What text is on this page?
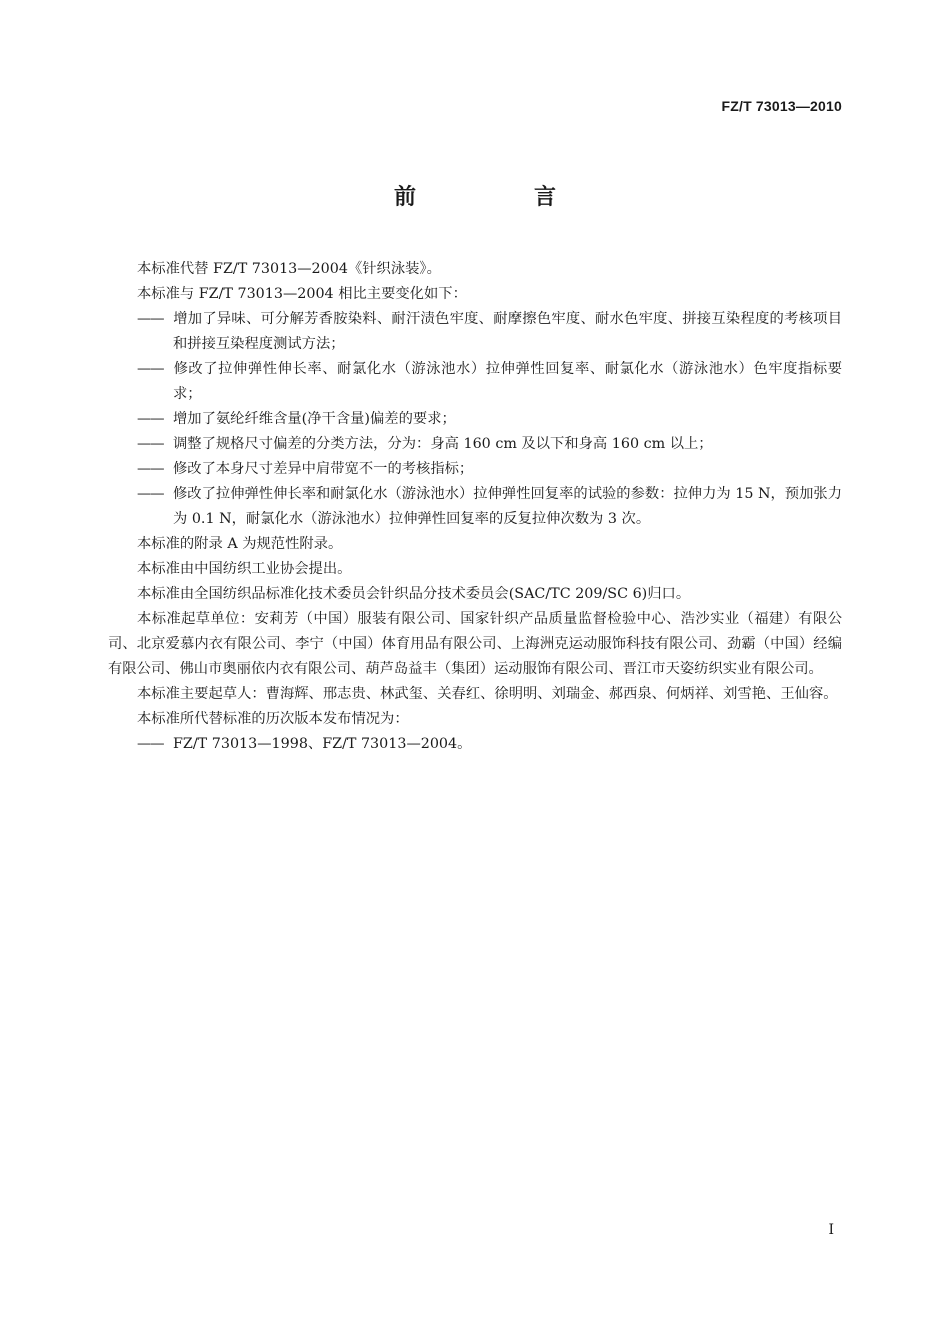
FZ/T 73013—2010
前　言
本标准代替 FZ/T 73013—2004《针织泳装》。
本标准与 FZ/T 73013—2004 相比主要变化如下：
—— 增加了异味、可分解芳香胺染料、耐汗渍色牢度、耐摩擦色牢度、耐水色牢度、拼接互染程度的考核项目和拼接互染程度测试方法；
—— 修改了拉伸弹性伸长率、耐氯化水（游泳池水）拉伸弹性回复率、耐氯化水（游泳池水）色牢度指标要求；
—— 增加了氨纶纤维含量(净干含量)偏差的要求；
—— 调整了规格尺寸偏差的分类方法，分为：身高 160 cm 及以下和身高 160 cm 以上；
—— 修改了本身尺寸差异中肩带宽不一的考核指标；
—— 修改了拉伸弹性伸长率和耐氯化水（游泳池水）拉伸弹性回复率的试验的参数：拉伸力为 15 N，预加张力为 0.1 N，耐氯化水（游泳池水）拉伸弹性回复率的反复拉伸次数为 3 次。
本标准的附录 A 为规范性附录。
本标准由中国纺织工业协会提出。
本标准由全国纺织品标准化技术委员会针织品分技术委员会(SAC/TC 209/SC 6)归口。
本标准起草单位：安莉芳（中国）服装有限公司、国家针织产品质量监督检验中心、浩沙实业（福建）有限公司、北京爱慕内衣有限公司、李宁（中国）体育用品有限公司、上海洲克运动服饰科技有限公司、劲霸（中国）经编有限公司、佛山市奥丽依内衣有限公司、葫芦岛益丰（集团）运动服饰有限公司、晋江市天姿纺织实业有限公司。
本标准主要起草人：曹海辉、邢志贵、林武玺、关春红、徐明明、刘瑞金、郝西泉、何炳祥、刘雪艳、王仙容。
本标准所代替标准的历次版本发布情况为：
—— FZ/T 73013—1998、FZ/T 73013—2004。
I
